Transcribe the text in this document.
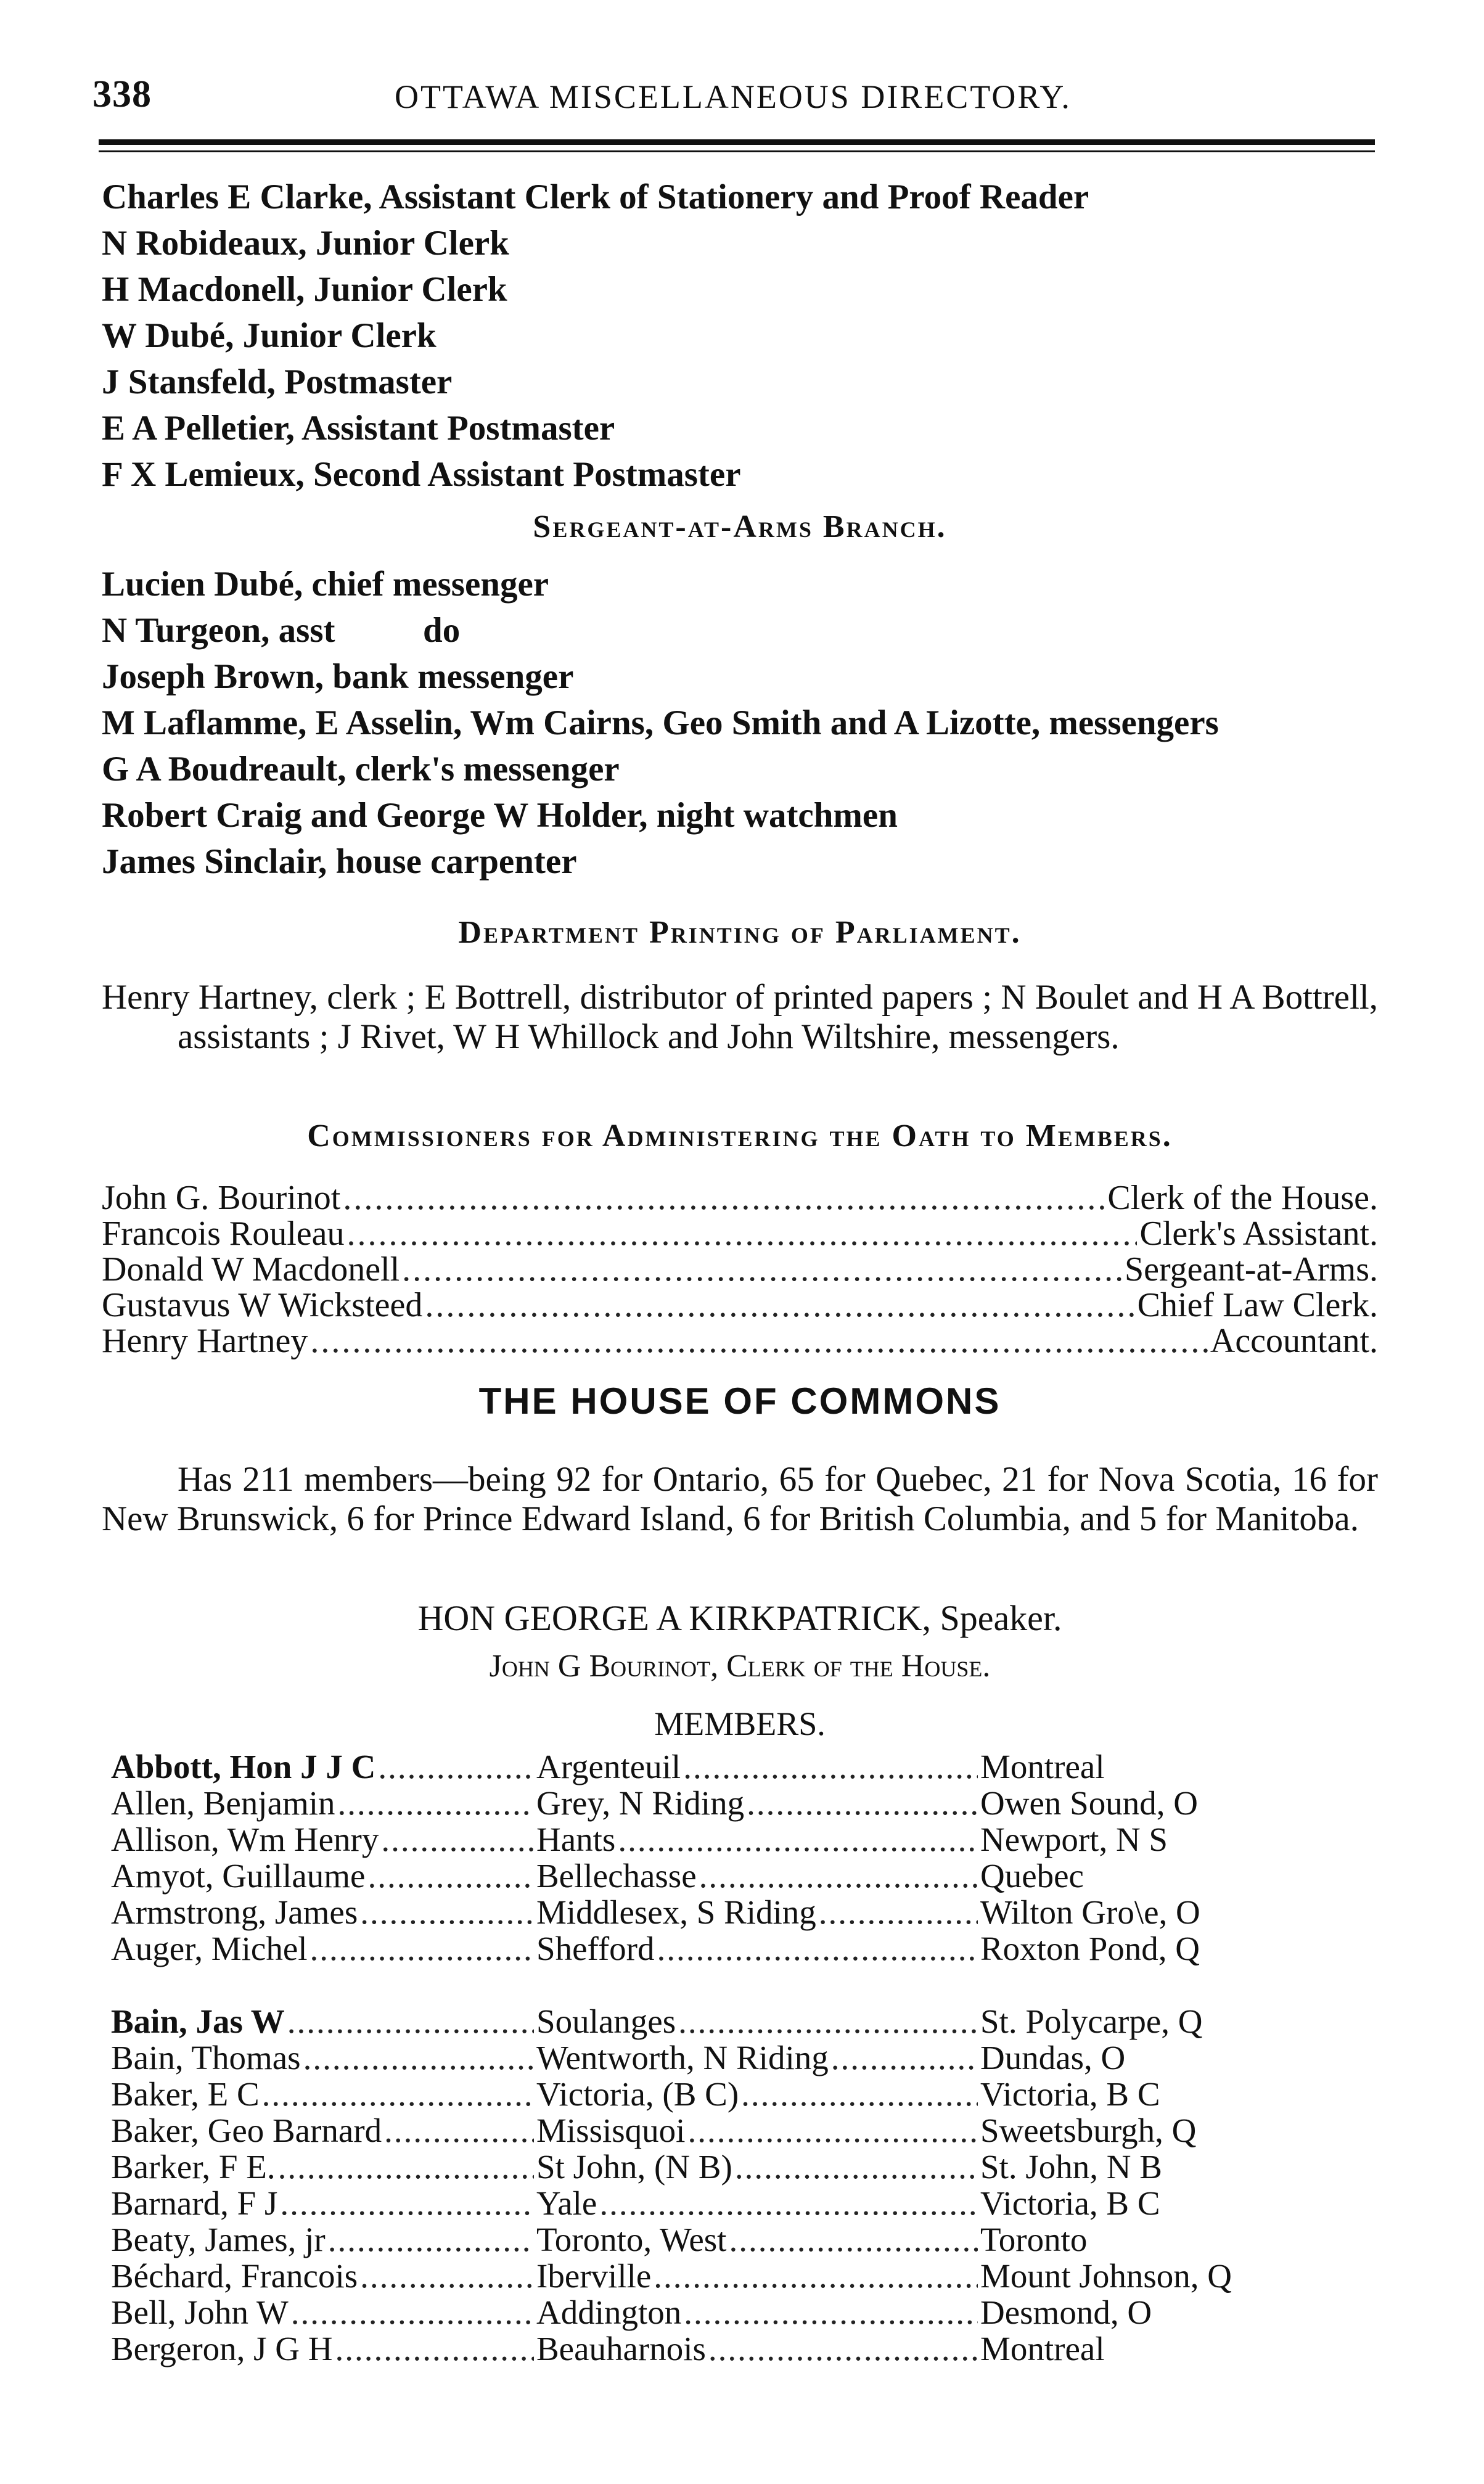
338	OTTAWA MISCELLANEOUS DIRECTORY.
Charles E Clarke, Assistant Clerk of Stationery and Proof Reader
N Robideaux, Junior Clerk
H Macdonell, Junior Clerk
W Dubé, Junior Clerk
J Stansfeld, Postmaster
E A Pelletier, Assistant Postmaster
F X Lemieux, Second Assistant Postmaster
Sergeant-at-Arms Branch.
Lucien Dubé, chief messenger
N Turgeon, asst          do
Joseph Brown, bank messenger
M Laflamme, E Asselin, Wm Cairns, Geo Smith and A Lizotte, messengers
G A Boudreault, clerk's messenger
Robert Craig and George W Holder, night watchmen
James Sinclair, house carpenter
Department Printing of Parliament.
Henry Hartney, clerk ; E Bottrell, distributor of printed papers ; N Boulet and H A Bottrell, assistants ; J Rivet, W H Whillock and John Wiltshire, messengers.
Commissioners for Administering the Oath to Members.
John G. Bourinot .....	Clerk of the House.
Francois Rouleau .....	Clerk's Assistant.
Donald W Macdonell .....	Sergeant-at-Arms.
Gustavus W Wicksteed .....	Chief Law Clerk.
Henry Hartney .....	Accountant.
THE HOUSE OF COMMONS
Has 211 members—being 92 for Ontario, 65 for Quebec, 21 for Nova Scotia, 16 for New Brunswick, 6 for Prince Edward Island, 6 for British Columbia, and 5 for Manitoba.
HON GEORGE A KIRKPATRICK, Speaker.
John G Bourinot, Clerk of the House.
MEMBERS.
Abbott, Hon J J C .....	Argenteuil .....	Montreal
Allen, Benjamin .....	Grey, N Riding .....	Owen Sound, O
Allison, Wm Henry .....	Hants .....	Newport, N S
Amyot, Guillaume .....	Bellechasse .....	Quebec
Armstrong, James .....	Middlesex, S Riding .....	Wilton Gro\e, O
Auger, Michel .....	Shefford .....	Roxton Pond, Q
Bain, Jas W .....	Soulanges .....	St. Polycarpe, Q
Bain, Thomas .....	Wentworth, N Riding .....	Dundas, O
Baker, E C .....	Victoria, (B C) .....	Victoria, B C
Baker, Geo Barnard .....	Missisquoi .....	Sweetsburgh, Q
Barker, F E. .....	St John, (N B) .....	St. John, N B
Barnard, F J .....	Yale .....	Victoria, B C
Beaty, James, jr .....	Toronto, West .....	Toronto
Béchard, Francois .....	Iberville .....	Mount Johnson, Q
Bell, John W .....	Addington .....	Desmond, O
Bergeron, J G H .....	Beauharnois .....	Montreal
